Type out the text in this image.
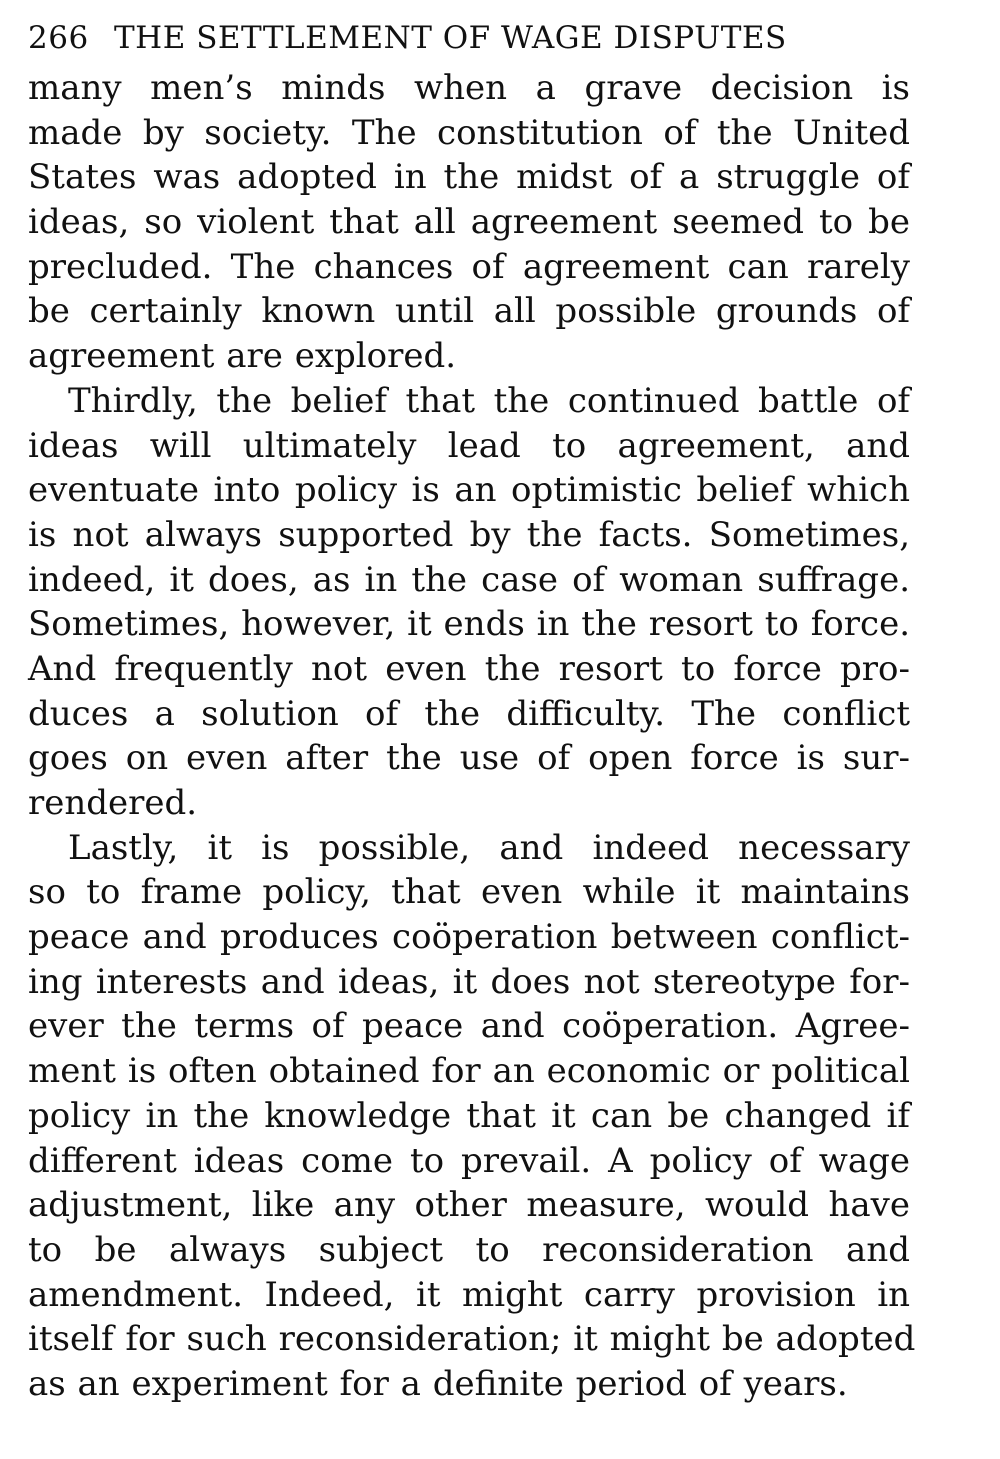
266 THE SETTLEMENT OF WAGE DISPUTES
many men’s minds when a grave decision is
made by society. The constitution of the United
States was adopted in the midst of a struggle of
ideas, so violent that all agreement seemed to be
precluded. The chances of agreement can rarely
be certainly known until all possible grounds of
agreement are explored.
Thirdly, the belief that the continued battle of
ideas will ultimately lead to agreement, and
eventuate into policy is an optimistic belief which
is not always supported by the facts. Sometimes,
indeed, it does, as in the case of woman suffrage.
Sometimes, however, it ends in the resort to force.
And frequently not even the resort to force pro-
duces a solution of the difficulty. The conflict
goes on even after the use of open force is sur-
rendered.
Lastly, it is possible, and indeed necessary
so to frame policy, that even while it maintains
peace and produces coöperation between conflict-
ing interests and ideas, it does not stereotype for-
ever the terms of peace and coöperation. Agree-
ment is often obtained for an economic or political
policy in the knowledge that it can be changed if
different ideas come to prevail. A policy of wage
adjustment, like any other measure, would have
to be always subject to reconsideration and
amendment. Indeed, it might carry provision in
itself for such reconsideration; it might be adopted
as an experiment for a definite period of years.
